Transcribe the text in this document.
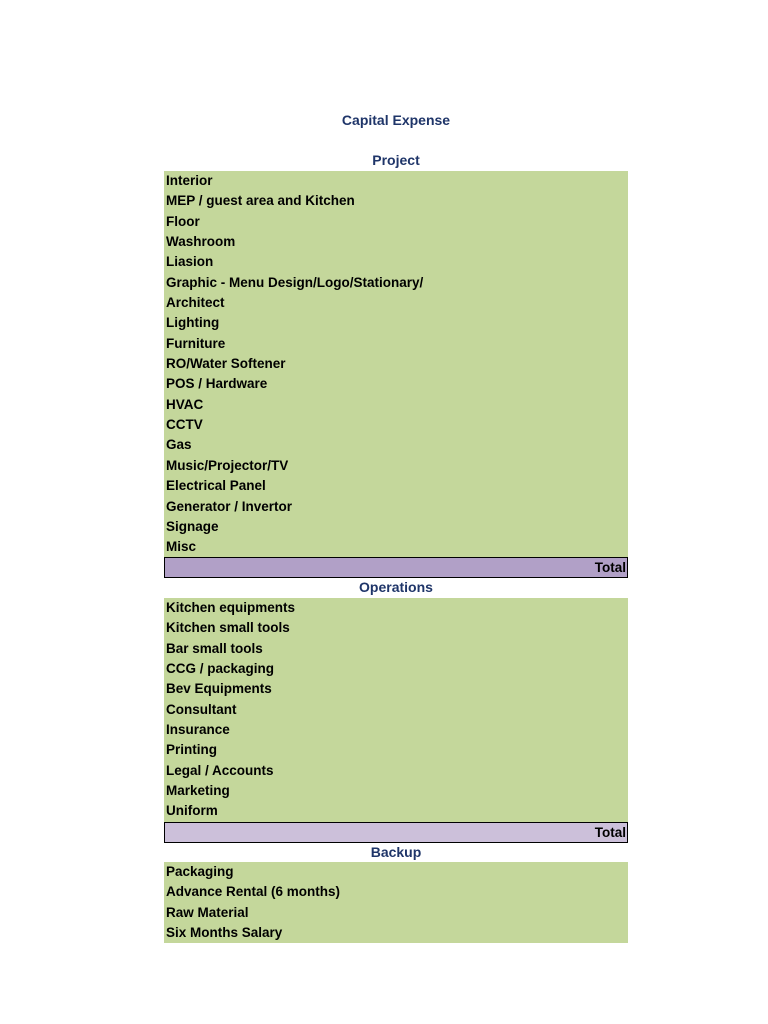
Capital Expense
Project
Interior
MEP / guest area and Kitchen
Floor
Washroom
Liasion
Graphic - Menu Design/Logo/Stationary/
Architect
Lighting
Furniture
RO/Water Softener
POS / Hardware
HVAC
CCTV
Gas
Music/Projector/TV
Electrical Panel
Generator / Invertor
Signage
Misc
Total
Operations
Kitchen equipments
Kitchen small tools
Bar small tools
CCG / packaging
Bev Equipments
Consultant
Insurance
Printing
Legal / Accounts
Marketing
Uniform
Total
Backup
Packaging
Advance Rental (6 months)
Raw Material
Six Months Salary
